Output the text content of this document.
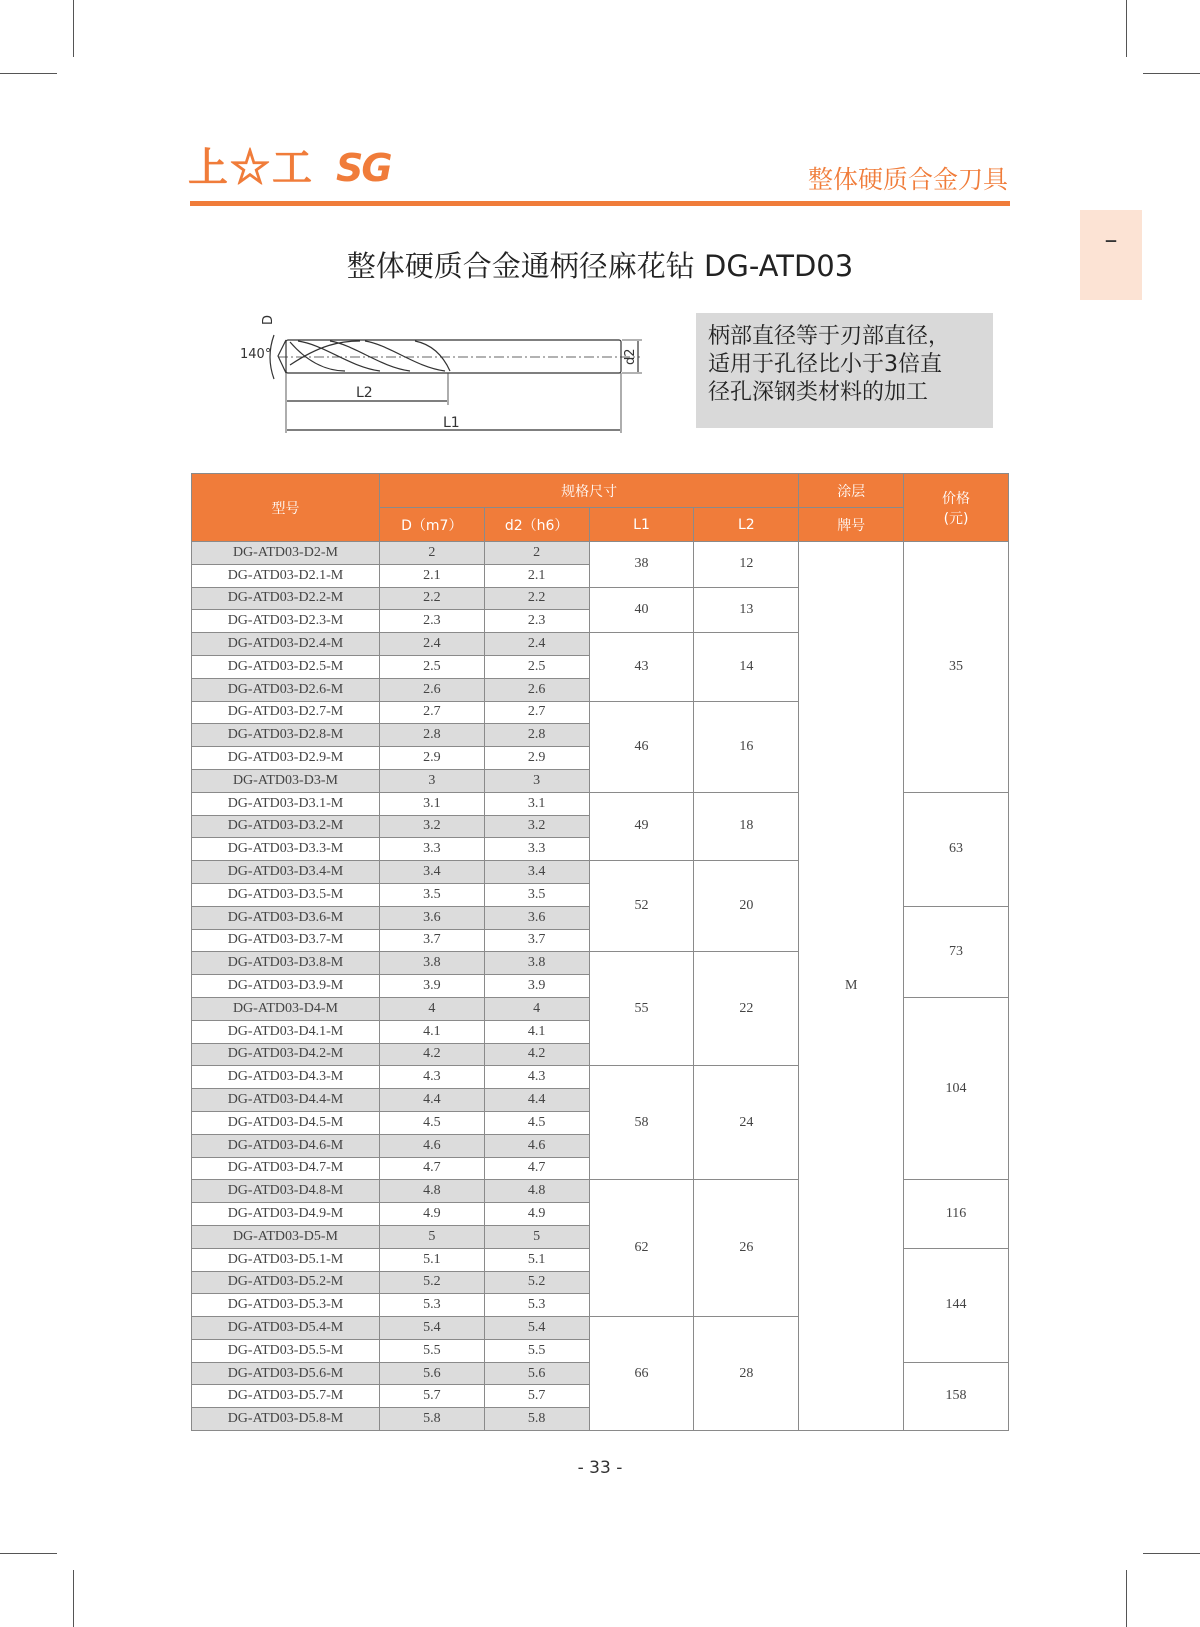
上☆工 SG	整体硬质合金刀具
–
整体硬质合金通柄径麻花钻 DG-ATD03
D
140°	d2
L2
L1
柄部直径等于刃部直径，
适用于孔径比小于3倍直
径孔深钢类材料的加工
型号	规格尺寸				涂层	价格
(元)

	D（m7）	d2（h6）	L1	L2	牌号	
DG-ATD03-D2-M	2	2	38	12	M	35
DG-ATD03-D2.1-M	2.1	2.1				
DG-ATD03-D2.2-M	2.2	2.2	40	13		
DG-ATD03-D2.3-M	2.3	2.3				
DG-ATD03-D2.4-M	2.4	2.4	43	14		
DG-ATD03-D2.5-M	2.5	2.5				
DG-ATD03-D2.6-M	2.6	2.6				
DG-ATD03-D2.7-M	2.7	2.7	46	16		
DG-ATD03-D2.8-M	2.8	2.8				
DG-ATD03-D2.9-M	2.9	2.9				
DG-ATD03-D3-M	3	3				
DG-ATD03-D3.1-M	3.1	3.1	49	18		63
DG-ATD03-D3.2-M	3.2	3.2				
DG-ATD03-D3.3-M	3.3	3.3				
DG-ATD03-D3.4-M	3.4	3.4	52	20		
DG-ATD03-D3.5-M	3.5	3.5				
DG-ATD03-D3.6-M	3.6	3.6				73
DG-ATD03-D3.7-M	3.7	3.7				
DG-ATD03-D3.8-M	3.8	3.8	55	22		
DG-ATD03-D3.9-M	3.9	3.9				
DG-ATD03-D4-M	4	4				104
DG-ATD03-D4.1-M	4.1	4.1				
DG-ATD03-D4.2-M	4.2	4.2				
DG-ATD03-D4.3-M	4.3	4.3	58	24		
DG-ATD03-D4.4-M	4.4	4.4				
DG-ATD03-D4.5-M	4.5	4.5				
DG-ATD03-D4.6-M	4.6	4.6				
DG-ATD03-D4.7-M	4.7	4.7				
DG-ATD03-D4.8-M	4.8	4.8	62	26		116
DG-ATD03-D4.9-M	4.9	4.9				
DG-ATD03-D5-M	5	5				
DG-ATD03-D5.1-M	5.1	5.1				144
DG-ATD03-D5.2-M	5.2	5.2				
DG-ATD03-D5.3-M	5.3	5.3				
DG-ATD03-D5.4-M	5.4	5.4	66	28		
DG-ATD03-D5.5-M	5.5	5.5				
DG-ATD03-D5.6-M	5.6	5.6				158
DG-ATD03-D5.7-M	5.7	5.7				
DG-ATD03-D5.8-M	5.8	5.8				
- 33 -
